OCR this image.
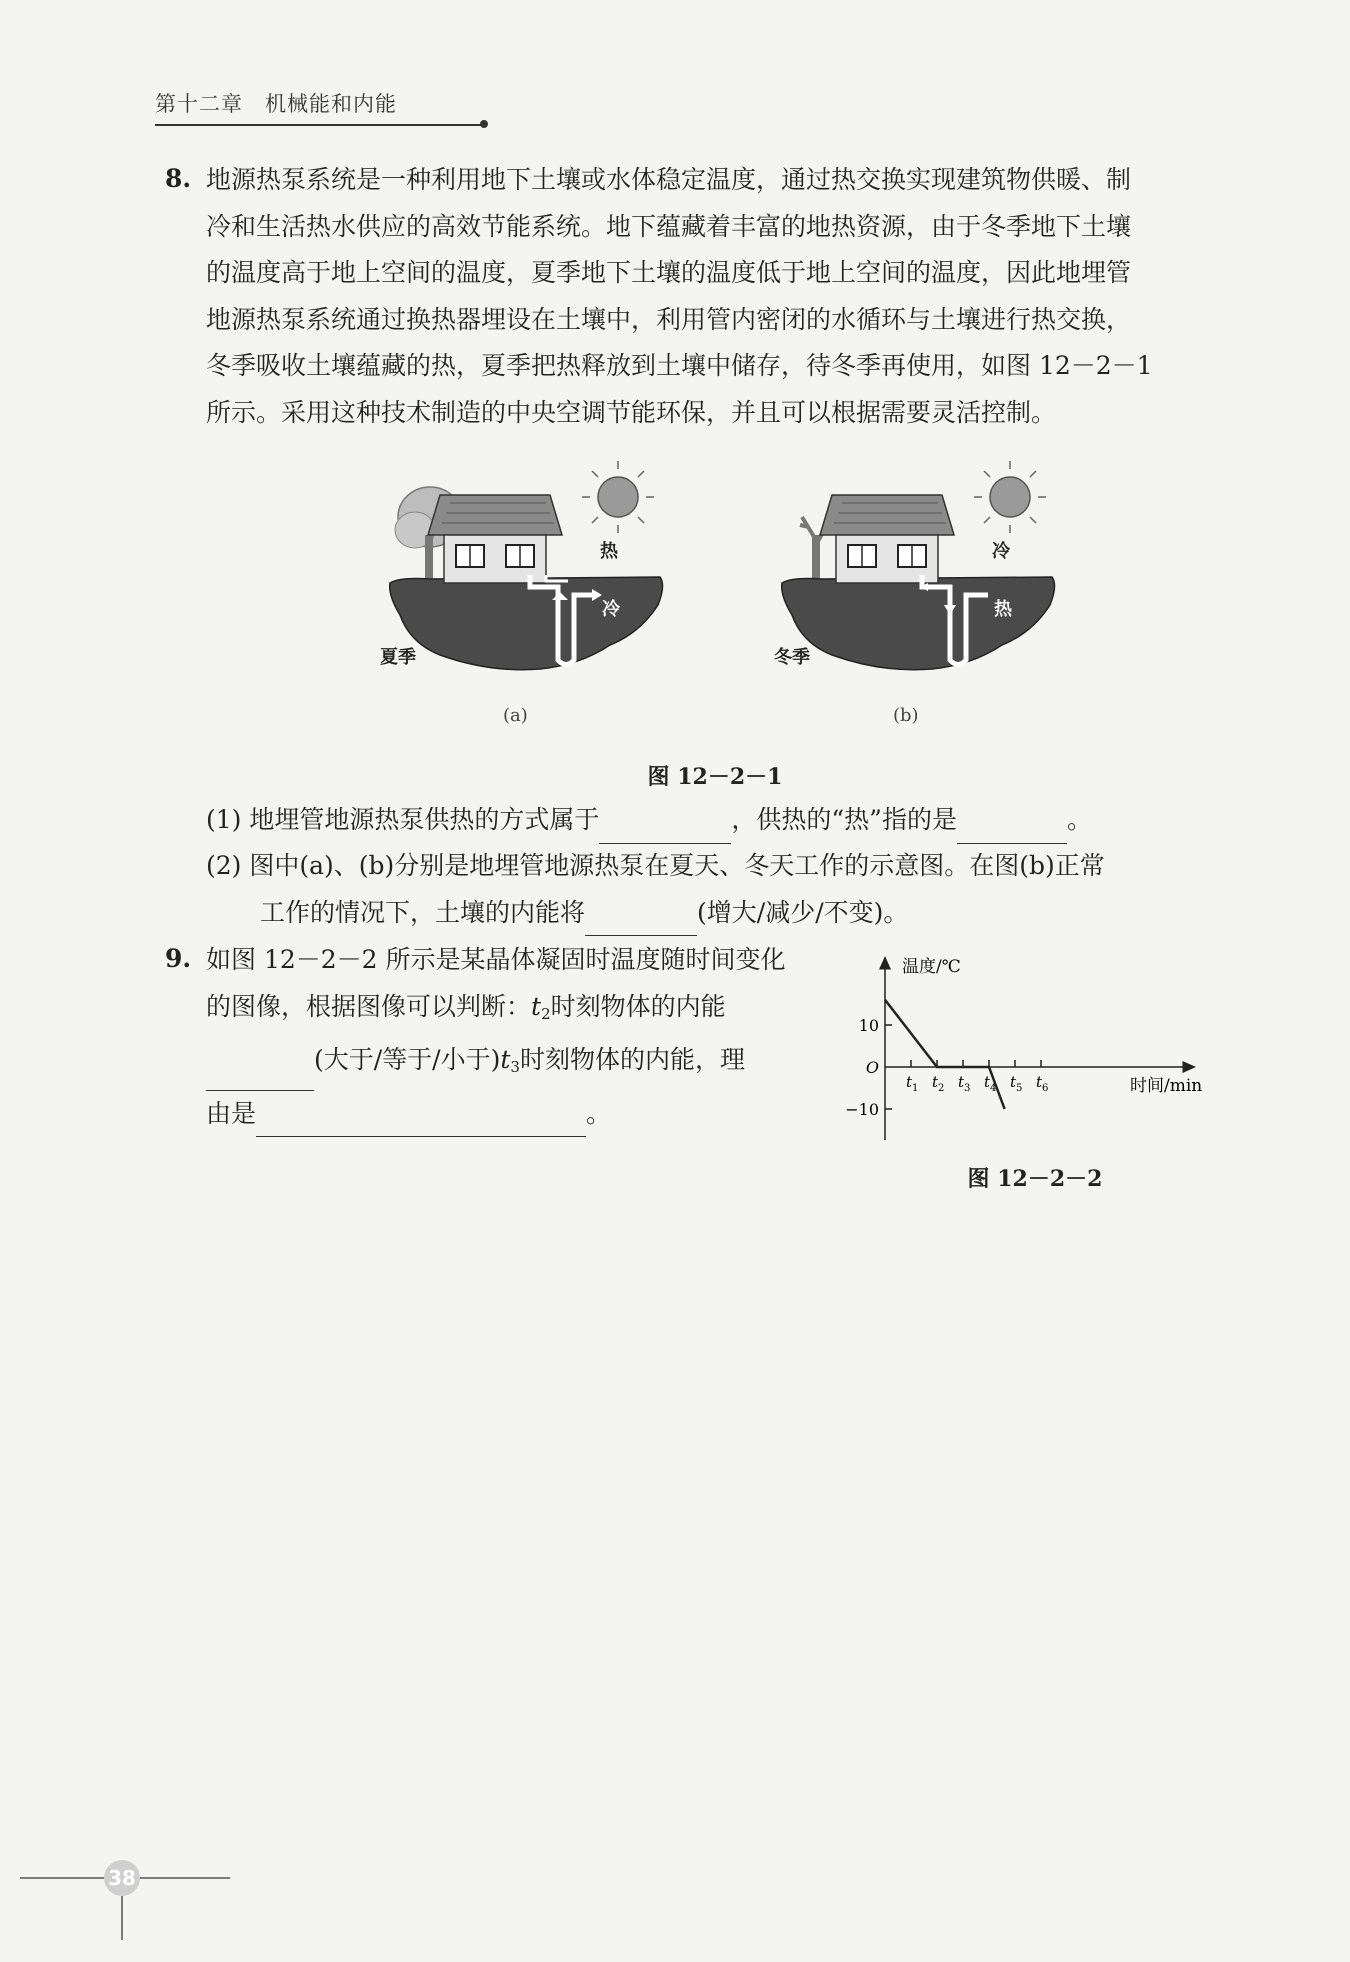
第十二章 机械能和内能
8. 地源热泵系统是一种利用地下土壤或水体稳定温度，通过热交换实现建筑物供暖、制
冷和生活热水供应的高效节能系统。地下蕴藏着丰富的地热资源，由于冬季地下土壤
的温度高于地上空间的温度，夏季地下土壤的温度低于地上空间的温度，因此地埋管
地源热泵系统通过换热器埋设在土壤中，利用管内密闭的水循环与土壤进行热交换，
冬季吸收土壤蕴藏的热，夏季把热释放到土壤中储存，待冬季再使用，如图 12－2－1
所示。采用这种技术制造的中央空调节能环保，并且可以根据需要灵活控制。
热
冷
夏季
(a)
冷
热
冬季
(b)
图 12－2－1
(1) 地埋管地源热泵供热的方式属于	，供热的“热”指的是	。
(2) 图中(a)、(b)分别是地埋管地源热泵在夏天、冬天工作的示意图。在图(b)正常
工作的情况下，土壤的内能将	(增大/减少/不变)。
9. 如图 12－2－2 所示是某晶体凝固时温度随时间变化
的图像，根据图像可以判断：$t_2$时刻物体的内能
(大于/等于/小于)$t_3$时刻物体的内能，理
由是	。
温度/℃
时间/min
10
O
−10
$t_1$ $t_2$ $t_3$ $t_4$ $t_5$ $t_6$
图 12－2－2
38
